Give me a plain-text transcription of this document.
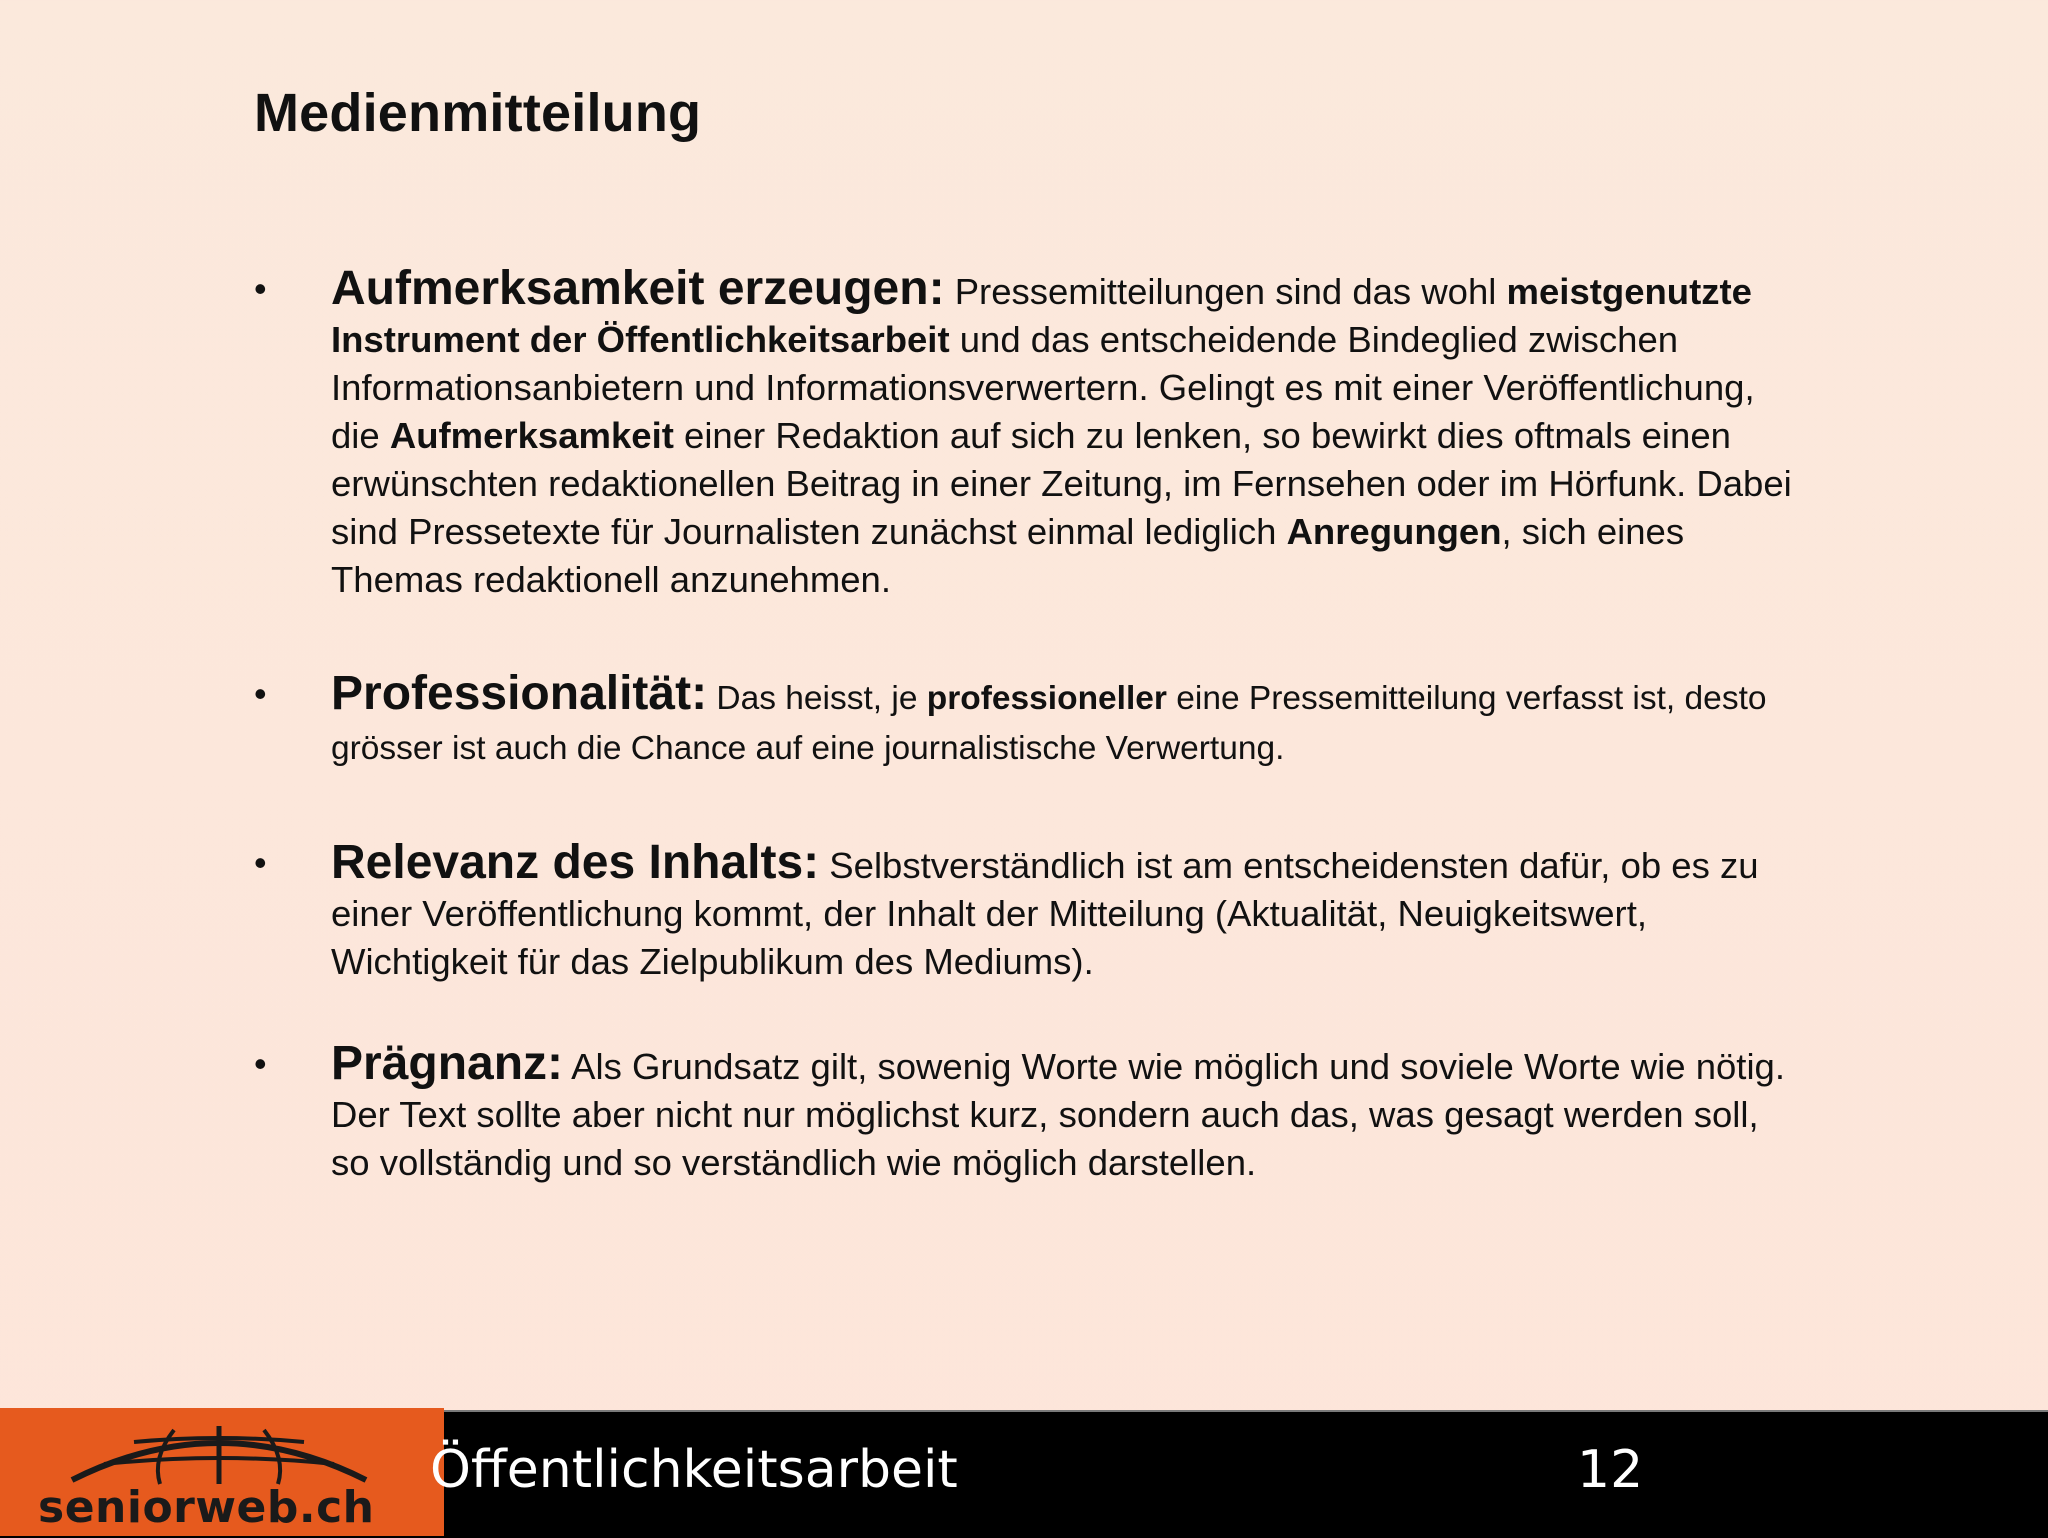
Medienmitteilung
• Aufmerksamkeit erzeugen: Pressemitteilungen sind das wohl meistgenutzte Instrument der Öffentlichkeitsarbeit und das entscheidende Bindeglied zwischen Informationsanbietern und Informationsverwertern. Gelingt es mit einer Veröffentlichung, die Aufmerksamkeit einer Redaktion auf sich zu lenken, so bewirkt dies oftmals einen erwünschten redaktionellen Beitrag in einer Zeitung, im Fernsehen oder im Hörfunk. Dabei sind Pressetexte für Journalisten zunächst einmal lediglich Anregungen, sich eines Themas redaktionell anzunehmen.
• Professionalität: Das heisst, je professioneller eine Pressemitteilung verfasst ist, desto grösser ist auch die Chance auf eine journalistische Verwertung.
• Relevanz des Inhalts: Selbstverständlich ist am entscheidensten dafür, ob es zu einer Veröffentlichung kommt, der Inhalt der Mitteilung (Aktualität, Neuigkeitswert, Wichtigkeit für das Zielpublikum des Mediums).
• Prägnanz: Als Grundsatz gilt, sowenig Worte wie möglich und soviele Worte wie nötig. Der Text sollte aber nicht nur möglichst kurz, sondern auch das, was gesagt werden soll, so vollständig und so verständlich wie möglich darstellen.
seniorweb.ch
Öffentlichkeitsarbeit	12
